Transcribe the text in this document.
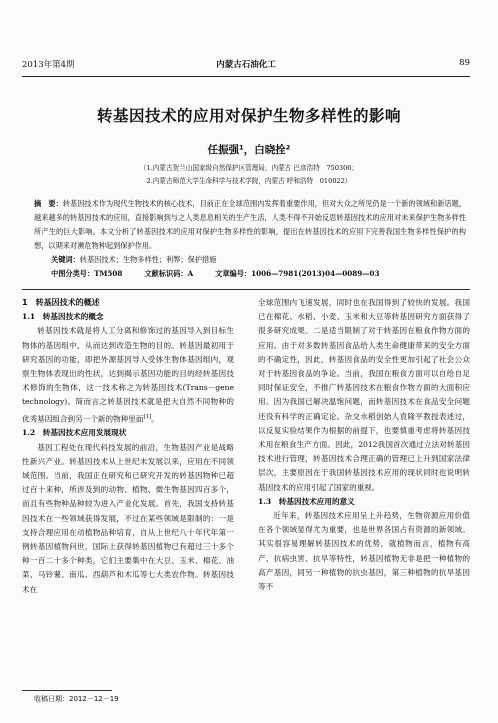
2013年第4期	内蒙古石油化工	89
转基因技术的应用对保护生物多样性的影响
任振强¹，白晓拴²
（1.内蒙古贺兰山国家级自然保护区管理局，内蒙古 巴彦浩特　750306；
2.内蒙古师范大学生命科学与技术学院，内蒙古 呼和浩特　010022）
摘　要：转基因技术作为现代生物技术的核心技术，目前正在全球范围内发挥着重要作用，但对大众之所见仍是一个新的领域和新话题，越来越多的转基因技术的应用，直接影响到与之人类息息相关的生产生活，人类不得不开始反思转基因技术的应用对未来保护生物多样性所产生的巨大影响。本文分析了转基因技术的应用对保护生物多样性的影响，提出在转基因技术的应用下完善我国生物多样性保护的构想，以期来对濒危物种起到保护作用。
关键词：转基因技术；生物多样性；利弊；保护措施
中图分类号：TM508	文献标识码：A	文章编号：1006—7981(2013)04—0089—03
1　转基因技术的概述
1.1　转基因技术的概念

转基因技术就是将人工分离和修饰过的基因导入到目标生物体的基因组中，从而达到改造生物的目的。转基因最初用于研究基因的功能，即把外源基因导入受体生物体基因组内，观察生物体表现出的性状，达到揭示基因功能的目的经转基因技术修饰的生物体，这一技术称之为转基因技术(Trans－gene technology)。简而言之转基因技术就是把大自然不同物种的优秀基因组合到另一个新的物种里面[1]。

1.2　转基因技术应用发展现状

基因工程处在现代科技发展的前沿，生物基因产业是战略性新兴产业。转基因技术从上世纪末发展以来，应用在不同领域范围。当前，我国正在研究和已研究开发的转基因物种已超过百十来种，所涉及到的动物、植物、微生物基因四百多个，而且有些物种品种较为进入产业化发展。首先，我国支持转基因技术在一些领域获得发展，不过在某些领域是限制的：一是支持合理应用在动植物品种培育，自从上世纪八十年代年第一例转基因植物问世，国际上获得转基因植物已有超过三十多个种一百二十多个种类，它们主要集中在大豆、玉米、棉花、油菜、马铃薯、南瓜、西葫芦和木瓜等七大类农作物。转基因技术在

全球范围内飞速发展，同时也在我国得到了较快的发展。我国已在棉花、水稻、小麦、玉米和大豆等转基因研究方面获得了很多研究成果。二是适当限制了对于转基因在粮食作物方面的应用。由于对多数转基因食品给人类生命健康带来的安全方面的不确定性，因此，转基因食品的安全性更加引起了社会公众对于转基因食品的争论。当前，我国在粮食方面可以自给自足同时保证安全，不推广转基因技术在粮食作物方面的大面积应用。因为我国已解决温饱问题，而转基因技术在食品安全问题还没有科学的正确定论。杂交水稻创始人袁隆平教授表述过，以反复实验结果作为根据的前提下，也要慎重考虑将转基因技术用在粮食生产方面。因此，2012我国首次通过立法对转基因技术进行管理，转基因技术合理正确的管理已上升到国家法律层次，主要原因在于我国转基因技术应用的现状同时也说明转基因技术的应用引起了国家的重视。

1.3　转基因技术应用的意义

近年来，转基因技术应用呈上升趋势，生物资源应用价值在各个领域显得尤为重要，也是世界各国占有资源的新领域。其实很容易理解转基因技术的优势，就植物而言，植物有高产、抗病虫害、抗旱等特性，转基因植物无非是把一种植物的高产基因，同另一种植物的抗虫基因，第三种植物的抗旱基因等不

收稿日期：2012－12－19
